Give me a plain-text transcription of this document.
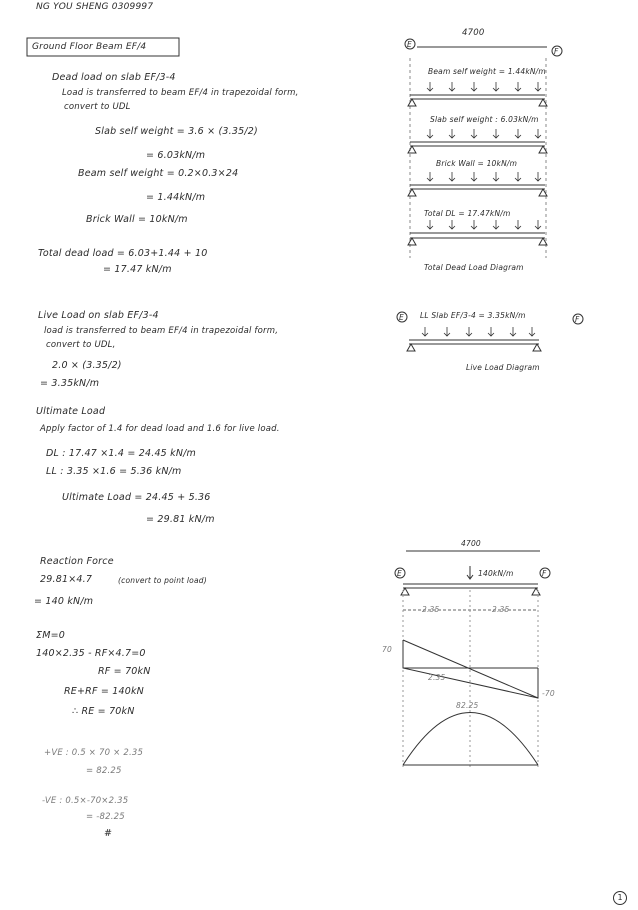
NG YOU SHENG 0309997
Ground Floor Beam EF/4
Dead load on slab EF/3-4
Load is transferred to beam EF/4 in trapezoidal form,
convert to UDL
Slab self weight = 3.6 × (3.35/2)
= 6.03kN/m
Beam self weight = 0.2×0.3×24
= 1.44kN/m
Brick Wall = 10kN/m
Total dead load = 6.03+1.44 + 10
= 17.47 kN/m
Live Load on slab EF/3-4
load is transferred to beam EF/4 in trapezoidal form,
convert to UDL,
2.0 × (3.35/2)
= 3.35kN/m
Ultimate Load
Apply factor of 1.4 for dead load and 1.6 for live load.
DL : 17.47 ×1.4 = 24.45 kN/m
LL : 3.35 ×1.6 = 5.36 kN/m
Ultimate Load = 24.45 + 5.36
= 29.81 kN/m
Reaction Force
29.81×4.7	(convert to point load)
= 140 kN/m
ΣM=0
140×2.35 - RF×4.7=0
RF = 70kN
RE+RF = 140kN
∴ RE = 70kN
+VE : 0.5 × 70 × 2.35
= 82.25
-VE : 0.5×-70×2.35
= -82.25
#
4700
E
F
Beam self weight = 1.44kN/m
Slab self weight : 6.03kN/m
Brick Wall = 10kN/m
Total DL = 17.47kN/m
Total Dead Load Diagram
E	F
LL Slab EF/3-4 = 3.35kN/m
Live Load Diagram
4700
E	F
140kN/m
2.35	2.35
70
-70
2.35
82.25
1
